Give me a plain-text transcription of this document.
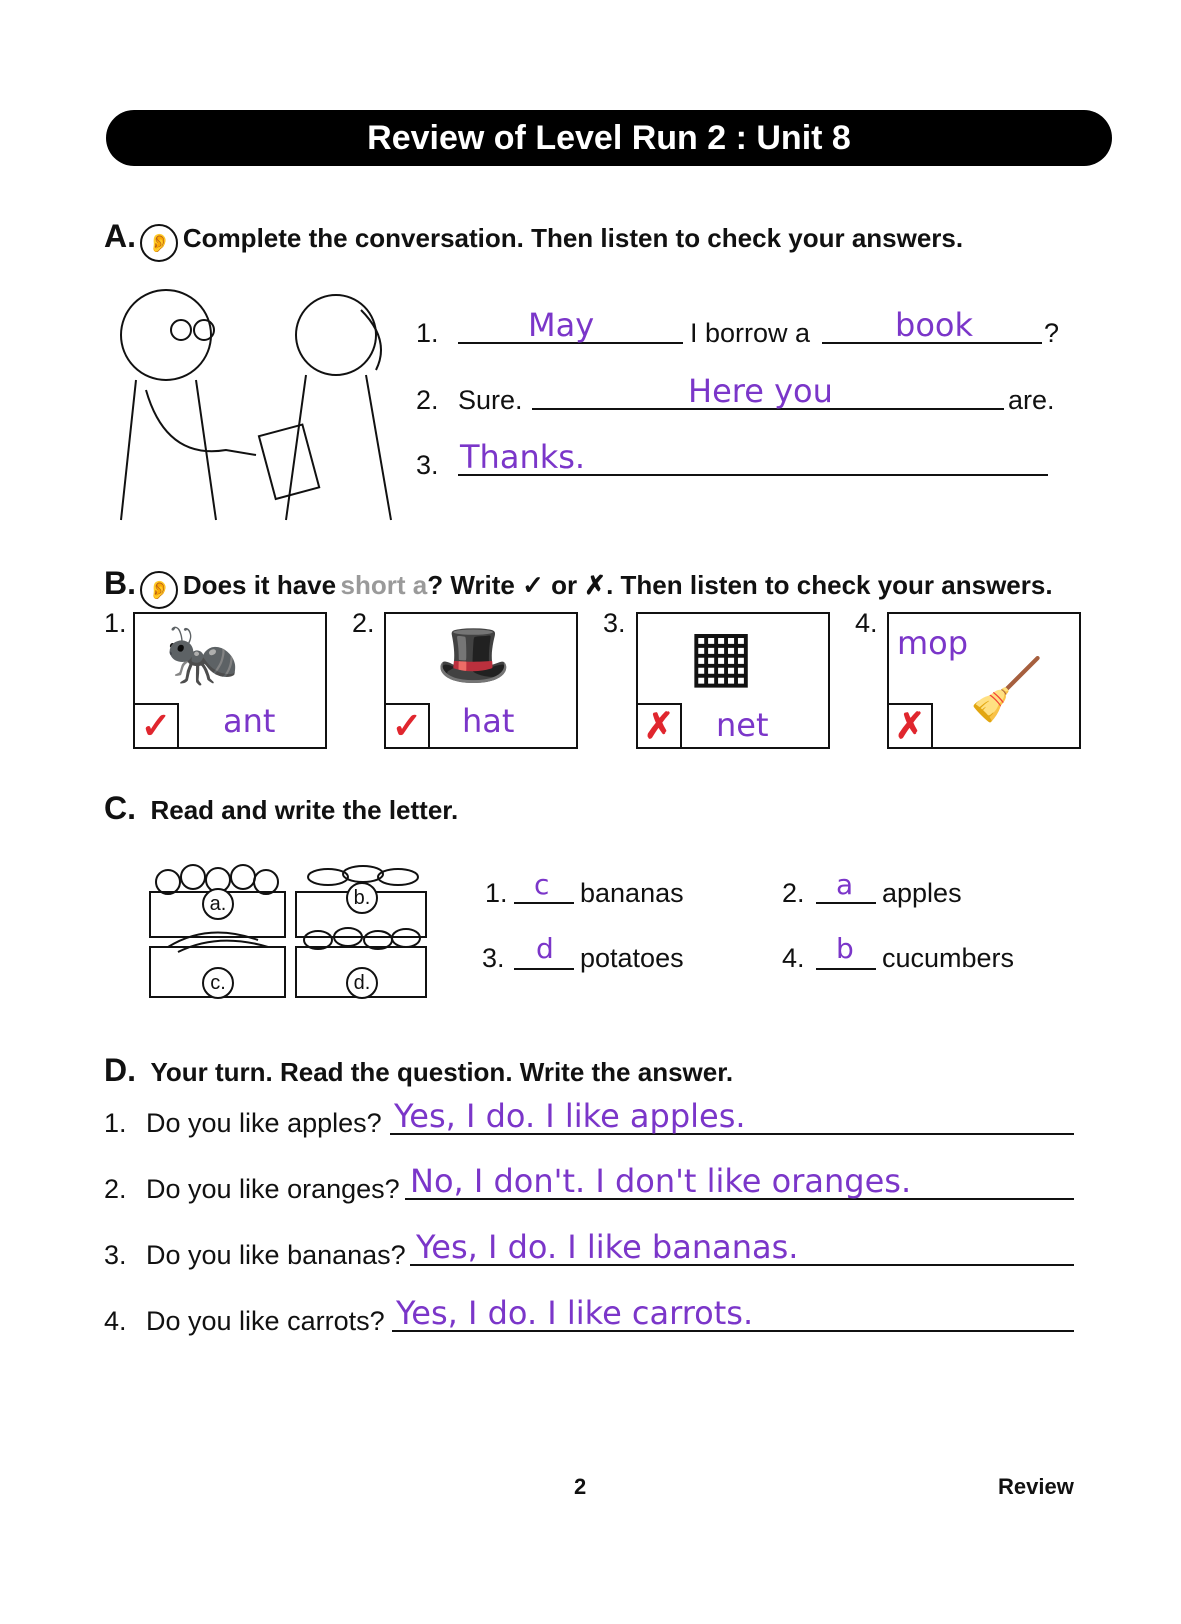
Review of Level Run 2 : Unit 8
A. 👂 Complete the conversation. Then listen to check your answers.
1.	May	I borrow a	book	?
2. Sure.	Here you	are.
3. Thanks.
B. 👂 Does it have short a? Write ✓ or ✗. Then listen to check your answers.
1. 🐜
✓ ant
2. 🎩
✓ hat
3. ▦
✗ net
4.
mop
🧹
✗
C. Read and write the letter.
a.	b.
c.	d.
1. c bananas	2. a apples
3. d potatoes	4. b cucumbers
D. Your turn. Read the question. Write the answer.
1. Do you like apples? Yes, I do. I like apples.
2. Do you like oranges? No, I don't. I don't like oranges.
3. Do you like bananas? Yes, I do. I like bananas.
4. Do you like carrots? Yes, I do. I like carrots.
2	Review
